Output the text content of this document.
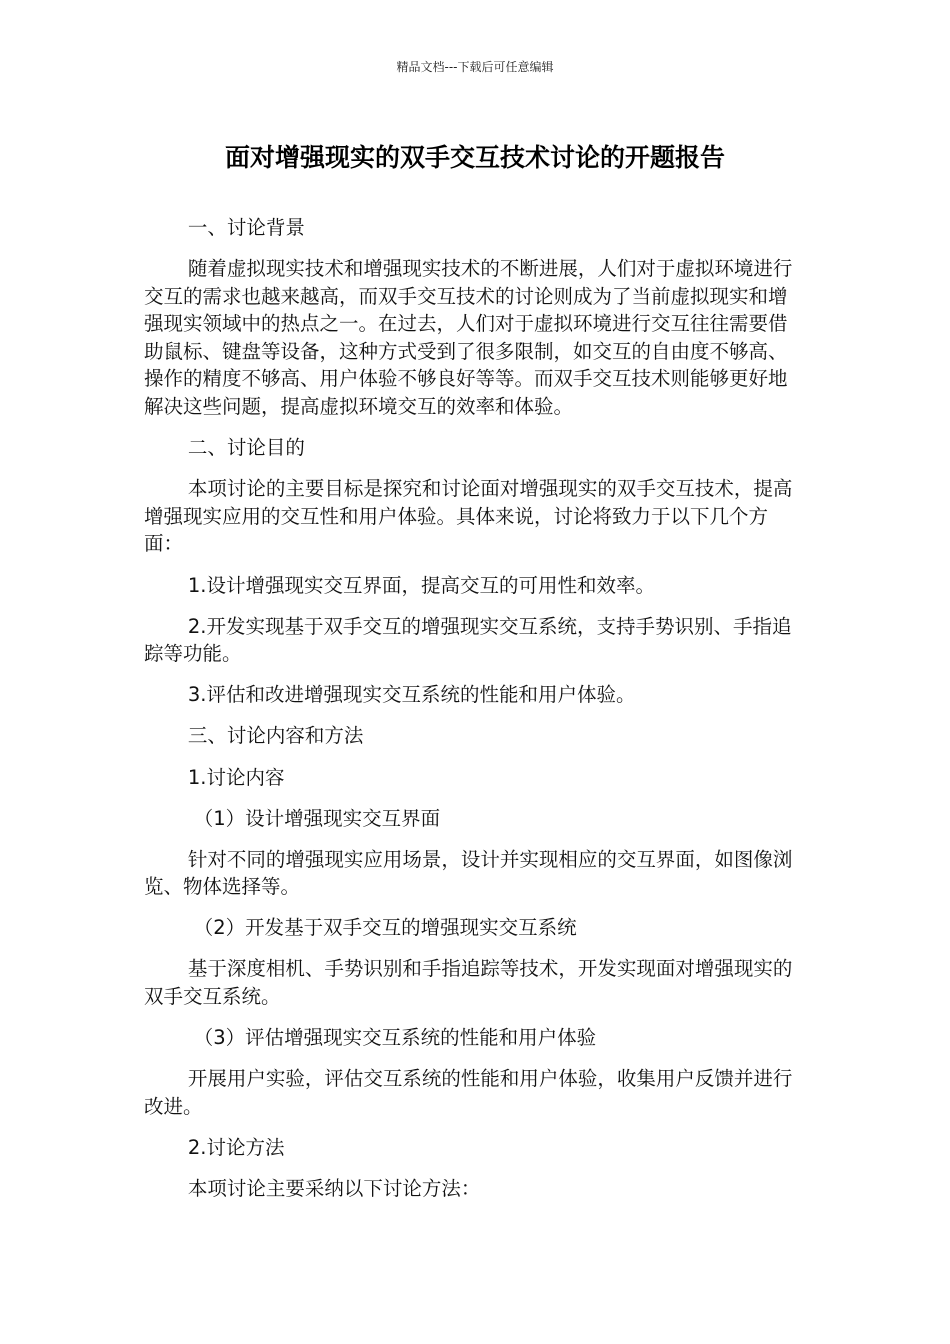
精品文档---下载后可任意编辑
面对增强现实的双手交互技术讨论的开题报告

一、讨论背景

随着虚拟现实技术和增强现实技术的不断进展，人们对于虚拟环境进行交互的需求也越来越高，而双手交互技术的讨论则成为了当前虚拟现实和增强现实领域中的热点之一。在过去，人们对于虚拟环境进行交互往往需要借助鼠标、键盘等设备，这种方式受到了很多限制，如交互的自由度不够高、操作的精度不够高、用户体验不够良好等等。而双手交互技术则能够更好地解决这些问题，提高虚拟环境交互的效率和体验。

二、讨论目的

本项讨论的主要目标是探究和讨论面对增强现实的双手交互技术，提高增强现实应用的交互性和用户体验。具体来说，讨论将致力于以下几个方面：

1.设计增强现实交互界面，提高交互的可用性和效率。

2.开发实现基于双手交互的增强现实交互系统，支持手势识别、手指追踪等功能。

3.评估和改进增强现实交互系统的性能和用户体验。

三、讨论内容和方法

1.讨论内容

（1）设计增强现实交互界面

针对不同的增强现实应用场景，设计并实现相应的交互界面，如图像浏览、物体选择等。

（2）开发基于双手交互的增强现实交互系统

基于深度相机、手势识别和手指追踪等技术，开发实现面对增强现实的双手交互系统。

（3）评估增强现实交互系统的性能和用户体验

开展用户实验，评估交互系统的性能和用户体验，收集用户反馈并进行改进。

2.讨论方法

本项讨论主要采纳以下讨论方法：
